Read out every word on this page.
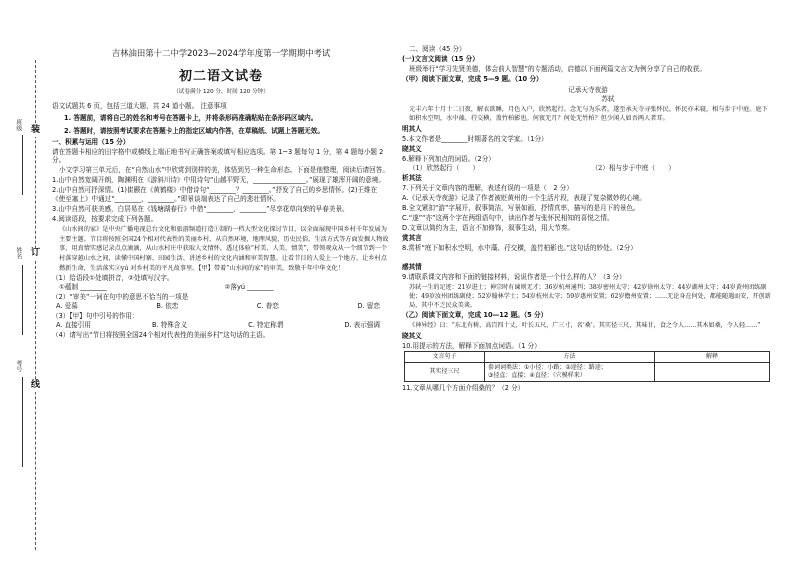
班级
姓名
考号
装
订
线
吉林油田第十二中学2023—2024学年度第一学期期中考试
初二语文试卷
（试卷满分 120 分，时间 120 分钟）

语文试题共 6 页，包括三道大题，共 24 道小题。 注意事项

1. 答题前，请将自己的姓名和考号在答题卡上，并将条形码准确粘贴在条形码区域内。

2. 答题时，请按照考试要求在答题卡上的指定区域内作答，在草稿纸、试题上答题无效。

一、积累与运用（15 分）

请在答题卡相应的田字格中或横线上端正地书写正确答案或填写相应选项。第 1~3 题每句 1 分，第 4 题每小题 2 分。

小文学习第三单元后，在“自然山水”中欣赏到别样的美，体悟到另一种生命形态。下面是他整理，阅读后请回答。

1.山中自然宽阔开朗，陶渊明在《游斜川诗》中用诗句“山越平野无，________________。”展现了雄浑开阔的意境。

2.山中自然可抒深情。(1)崔颢在《黄鹤楼》中借诗句“________？________。”抒发了自己的乡思情怀。(2)王维在《使至塞上》中通过“________，________。”即景谈端表达了自己的悲壮情怀。

3.山中自然可获美感，白居易在《钱塘湖春行》中借“________，________”尽享花草向荣的早春美景。

4.阅读语段，按要求完成下列各题。

《山水间的家》是中央广播电视总台文化和旅游频道打造①制的一档大型文化探讨节目，以全面展现中国乡村千年发展为主要主题。节目将按照全国24个相对代表性的美丽乡村，从自然环境、地理风貌、历史民俗、生活方式等方面发掘人物故事，用真情实感记录点点滴滴，从山水村庄中获取人文情怀，透过体验“村美、人美、情美”，带领观众从一个细节到一个村落穿越山水之间，读懂中国村寨、田园生活、讲述乡村的文化内涵和审美智慧。让看节目的人爱上一个地方，让乡村点燃新生命，生活落实②yú 对乡村美的平凡故事里。【甲】带着“山水间的家”的审美，致敬千年中华文化！

（1）给语段①处填拼音，②处填写汉字。

①蕴制 ________	②落yú ________

（2）“审美”一词在句中的意思不恰当的一项是

A. 爱慕	B. 依恋	C. 眷恋	D. 留恋

（3）【甲】句中引号的作用：

A. 直接引用	B. 特殊含义	C. 特定称谓	D. 表示强调

（4）请写出“节目将按照全国24个相对代表性的美丽乡村”这句话的主语。

二、阅读（45 分）

(一)文言文阅读（15 分）

班级举行“学习先贤美德，体会前人智慧”的专题活动，启德以下面两篇文言文为例分享了自己的收获。

（甲）阅读下面文章，完成 5—9 题。（10 分）

记承天寺夜游
苏轼

元丰六年十月十二日夜，解衣欲睡，月色入户，欣然起行。念无与为乐者，遂至承天寺寻张怀民。怀民亦未寝，相与步于中庭。庭下如积水空明，水中藻、荇交横，盖竹柏影也。何夜无月？何处无竹柏？但少闲人如吾两人者耳。

明其人

5.本文作者是________时期著名的文学家。（1分）

晓其义

6.解释下列加点的词语。（2分）

（1）欣然起行（　　）	（2）相与步于中庭（　　）

析其法

7.下列关于文章内容的理解，表述有误的一项是（　2 分）

A.《记承天寺夜游》记录了作者被贬黄州的一个生活片段，表现了复杂微妙的心境。

B.全文紧扣“游”字展开，叙事简洁，写景如画，抒情真率，描写的是月下的景色。

C.“遂”“亦”这两个字在两组语句中，读出作者与张怀民相知的喜悦之情。

D.文章以简约为主，语言不加修饰，叙事生动，用大节奏。

赏其言

8.赏析“庭下如积水空明，水中藻、荇交横，盖竹柏影也。”这句话的妙处。（2分）

感其情

9.请联系课文内容和下面的链接材料，说说作者是一个什么样的人？（3 分）

苏轼一生的足迹：21岁进士；神宗时有谏则无才；36岁杭州通判；38岁密州太守；42岁徐州太守；44岁湖州太守；44岁黄州团练副使；49岁汝州团练副使；52岁翰林学士；54岁杭州太守；59岁惠州安置；62岁儋州安置；……无论身在何处，都能随遇而安，开创新局，其中不乏民众美谈。

（乙）阅读下面文章，完成 10—12 题。（5 分）

《神异经》曰：“东北有树，高百四十丈，叶长五尺，广三寸，名‘桑’。其实径三尺，其味甘，食之令人……其木如桑，令人轻……”

晓其义

10.用提示的方法，解释下面加点词语。（1 分）

文言句子	方法	解释
其实径三尺	套词词类法：①小径：小路；②途径：路途；
③径直：直接；④直径：（穴模样来）	

11.文章从哪几个方面介绍桑的？（2 分）
